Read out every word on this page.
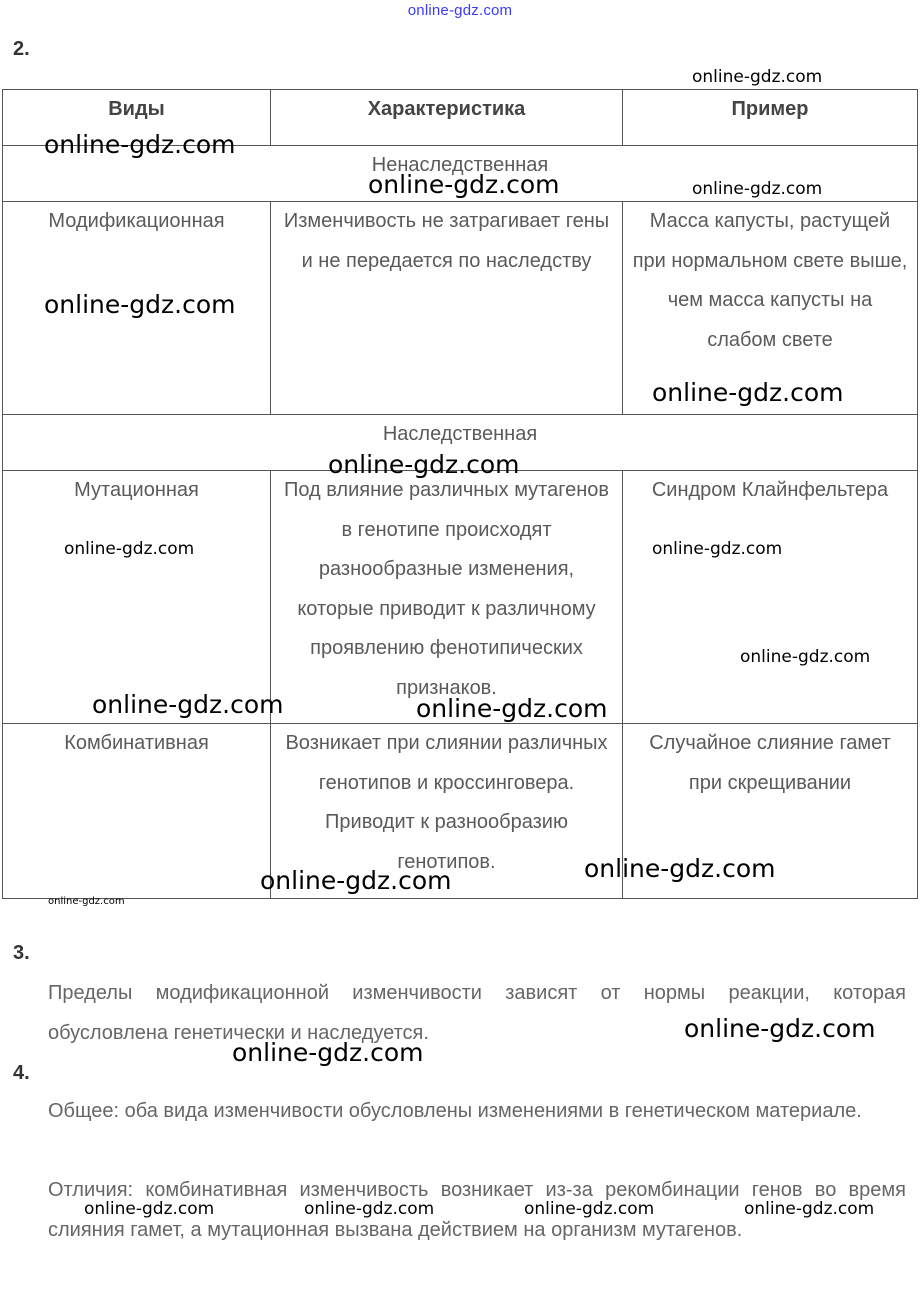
online-gdz.com
2.
Виды	Характеристика	Пример
Ненаследственная		
Модификационная	Изменчивость не затрагивает гены и не передается по наследству	Масса капусты, растущей при нормальном свете выше, чем масса капусты на слабом свете
Наследственная		
Мутационная	Под влияние различных мутагенов в генотипе происходят разнообразные изменения, которые приводит к различному проявлению фенотипических признаков.	Синдром Клайнфельтера
Комбинативная	Возникает при слиянии различных генотипов и кроссинговера. Приводит к разнообразию генотипов.	Случайное слияние гамет при скрещивании
3.

Пределы модификационной изменчивости зависят от нормы реакции, которая обусловлена генетически и наследуется.

4.

Общее: оба вида изменчивости обусловлены изменениями в генетическом материале.

Отличия: комбинативная изменчивость возникает из-за рекомбинации генов во время слияния гамет, а мутационная вызвана действием на организм мутагенов.

online-gdz.com
online-gdz.com
online-gdz.com	online-gdz.com
online-gdz.com
online-gdz.com
online-gdz.com
online-gdz.com	online-gdz.com
online-gdz.com
online-gdz.com	online-gdz.com
online-gdz.com
online-gdz.com
online-gdz.com
online-gdz.com
online-gdz.com
online-gdz.com	online-gdz.com	online-gdz.com	online-gdz.com
